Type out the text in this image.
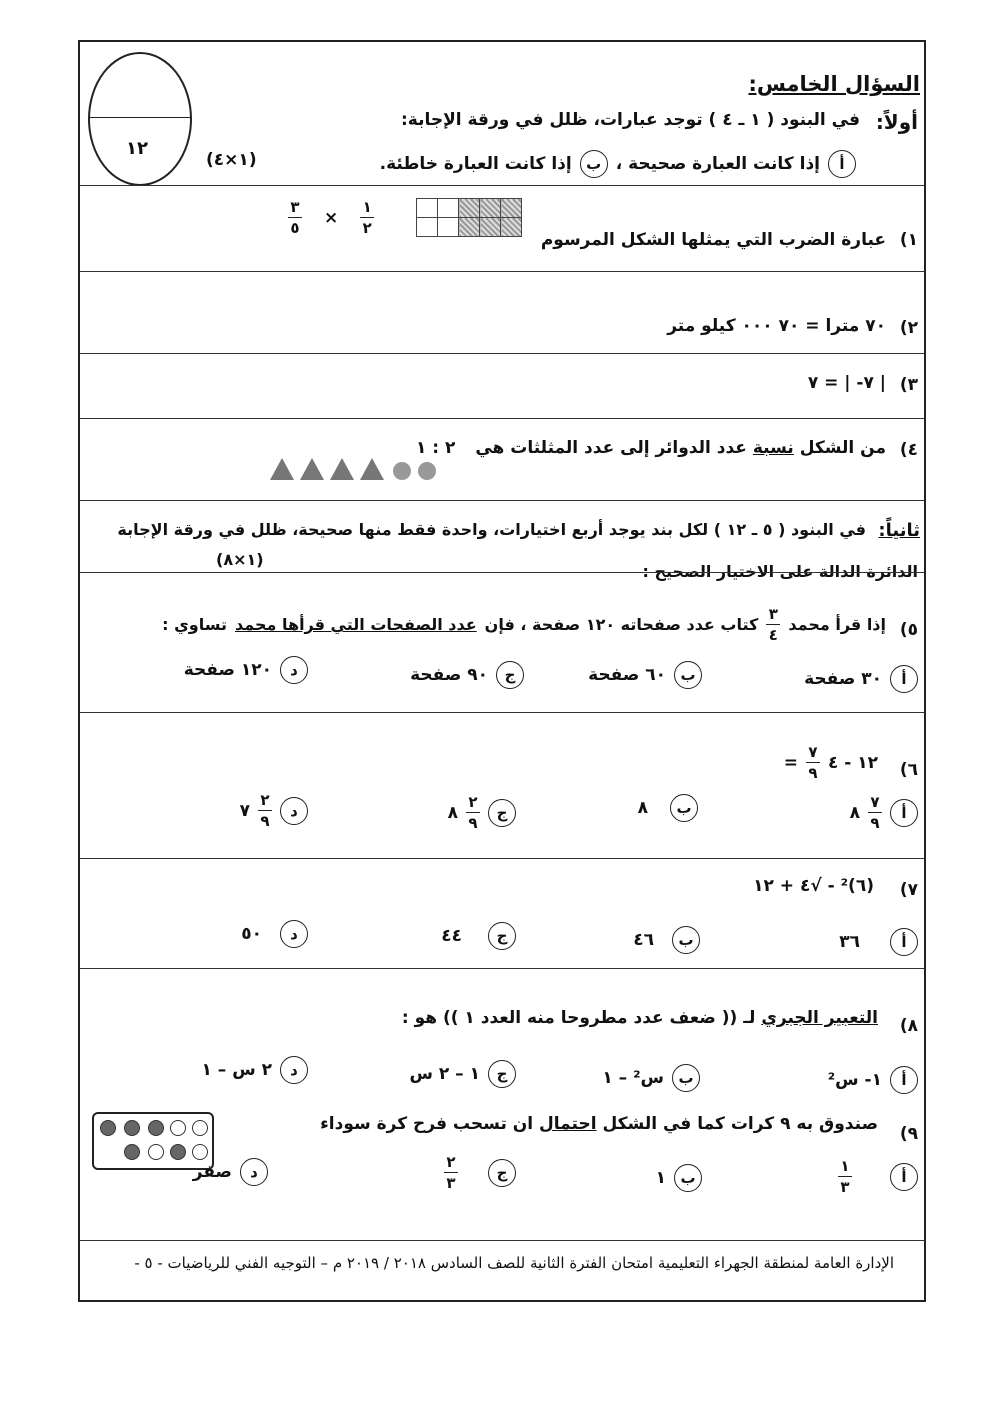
١٢
السؤال الخامس:
أولاً:
في البنود ( ١ ـ ٤ ) توجد عبارات، ظلل في ورقة الإجابة:
أ
إذا كانت العبارة صحيحة ،
ب
إذا كانت العبارة خاطئة.
(١×٤)
١)
عبارة الضرب التي يمثلها الشكل المرسوم

$\frac{٣}{٥} \times \frac{١}{٢}$
٢)
٧٠ مترا = ٧٠ ٠٠٠ كيلو متر
٣)
| ٧- | = ٧
٤)
من الشكل نسبة عدد الدوائر إلى عدد المثلثات هي ٢ : ١
ثانياً:
في البنود ( ٥ ـ ١٢ ) لكل بند يوجد أربع اختيارات، واحدة فقط منها صحيحة، ظلل في ورقة الإجابة
الدائرة الدالة على الاختيار الصحيح :
(١×٨)
٥)
إذا قرأ محمد
$\frac{٣}{٤}$
كتاب عدد صفحاته ١٢٠ صفحة ، فإن
عدد الصفحات التي قرأها محمد
تساوي :
أ
٣٠ صفحة
ب
٦٠ صفحة
ج
٩٠ صفحة
د
١٢٠ صفحة
٦)
١٢ - ٤
$\frac{٧}{٩}$
=
أ
$\frac{٧}{٩}$
٨
ب
٨
ج
$\frac{٢}{٩}$
٨
د
$\frac{٢}{٩}$
٧
٧)
(٦)² - √٤ + ١٢
أ
٣٦
ب
٤٦
ج
٤٤
د
٥٠
٨)
التعبير الجبري لـ (( ضعف عدد مطروحا منه العدد ١ )) هو :
أ
١- س²
ب
س² – ١
ج
١ – ٢ س
د
٢ س – ١
٩)
صندوق به ٩ كرات كما في الشكل احتمال ان تسحب فرح كرة سوداء
أ
$\frac{١}{٣}$
ب
١
ج
$\frac{٢}{٣}$
د
صفر
الإدارة العامة لمنطقة الجهراء التعليمية امتحان الفترة الثانية للصف السادس ٢٠١٨ / ٢٠١٩ م – التوجيه الفني للرياضيات - ٥ -
